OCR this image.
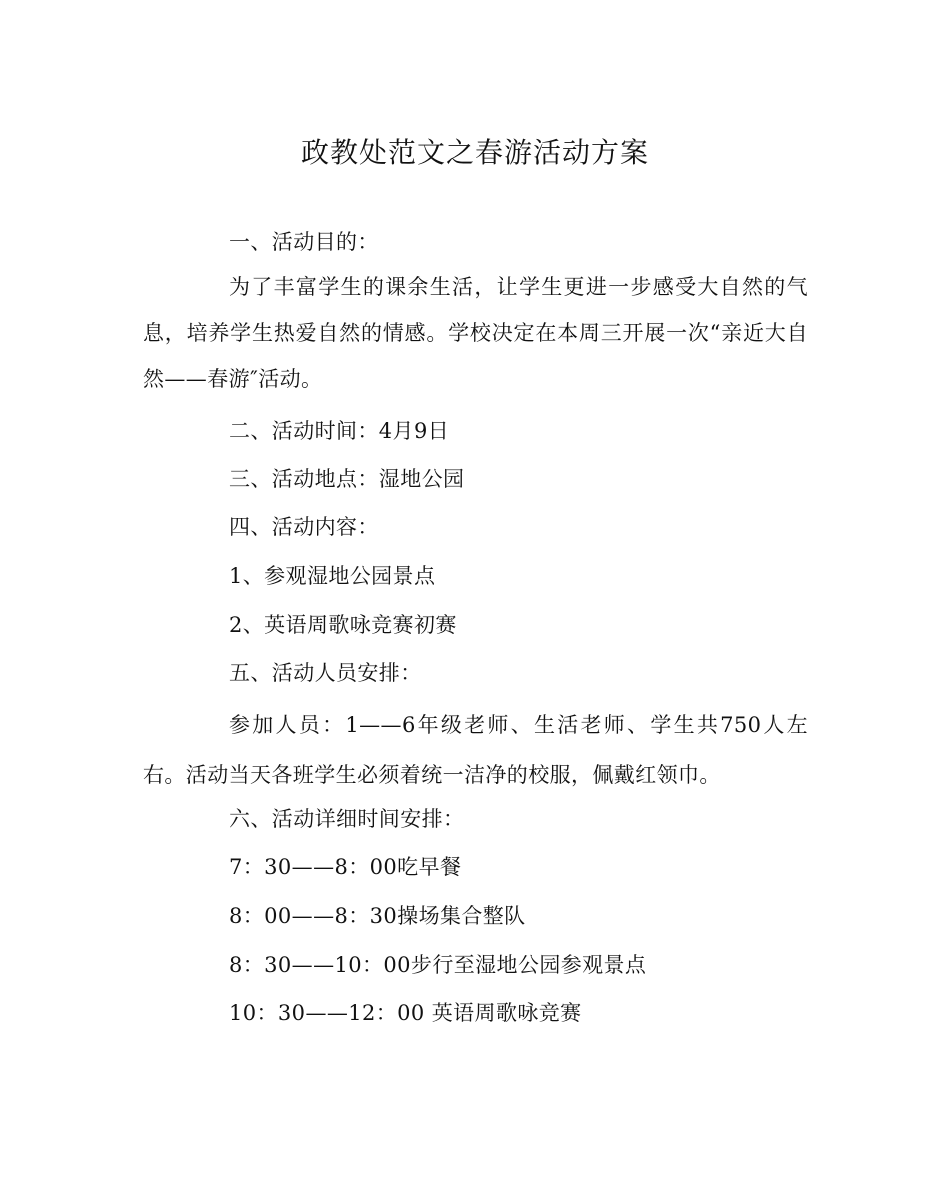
政教处范文之春游活动方案

一、活动目的：

为了丰富学生的课余生活，让学生更进一步感受大自然的气息，培养学生热爱自然的情感。学校决定在本周三开展一次“亲近大自然——春游″活动。

二、活动时间：4月9日

三、活动地点：湿地公园

四、活动内容：

1、参观湿地公园景点

2、英语周歌咏竞赛初赛

五、活动人员安排：

参加人员：1——6年级老师、生活老师、学生共750人左右。活动当天各班学生必须着统一洁净的校服，佩戴红领巾。

六、活动详细时间安排：

7：30——8：00吃早餐

8：00——8：30操场集合整队

8：30——10：00步行至湿地公园参观景点

10：30——12：00 英语周歌咏竞赛
